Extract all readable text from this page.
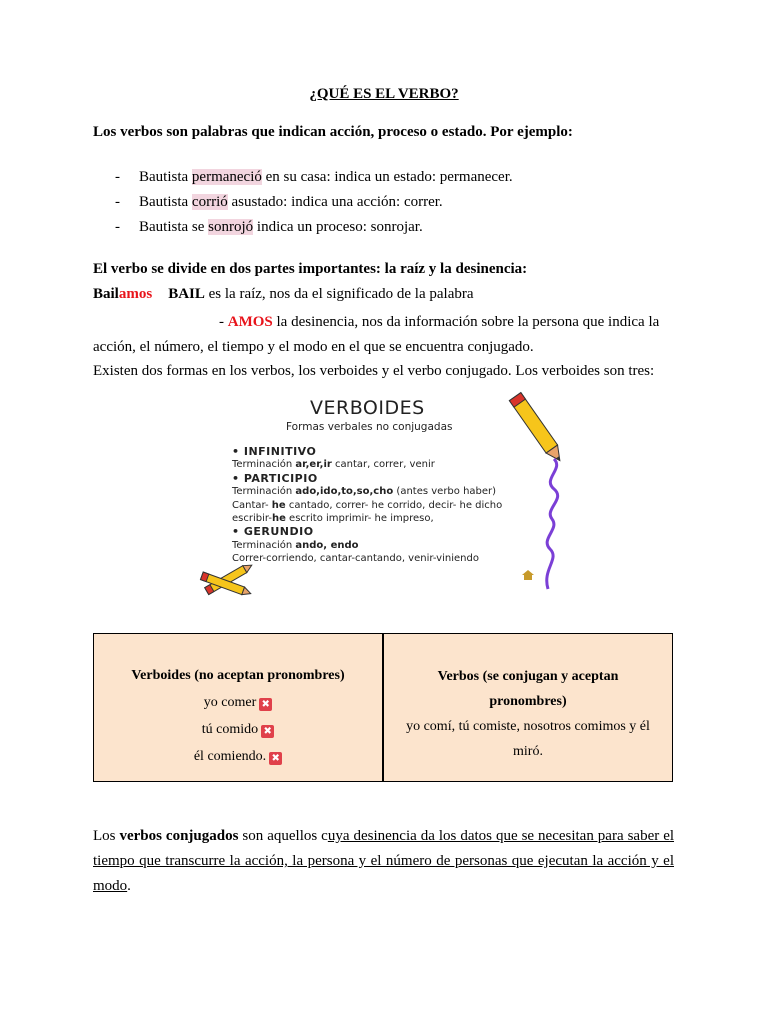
¿QUÉ ES EL VERBO?
Los verbos son palabras que indican acción, proceso o estado. Por ejemplo:
- Bautista permaneció en su casa: indica un estado: permanecer.
- Bautista corrió asustado: indica una acción: correr.
- Bautista se sonrojó indica un proceso: sonrojar.
El verbo se divide en dos partes importantes: la raíz y la desinencia:
Bailamos BAIL es la raíz, nos da el significado de la palabra
- AMOS la desinencia, nos da información sobre la persona que indica la
acción, el número, el tiempo y el modo en el que se encuentra conjugado.
Existen dos formas en los verbos, los verboides y el verbo conjugado. Los verboides son tres:
VERBOIDES
Formas verbales no conjugadas
• INFINITIVO
Terminación ar,er,ir cantar, correr, venir
• PARTICIPIO
Terminación ado,ido,to,so,cho (antes verbo haber)
Cantar- he cantado, correr- he corrido, decir- he dicho
escribir-he escrito imprimir- he impreso,
• GERUNDIO
Terminación ando, endo
Correr-corriendo, cantar-cantando, venir-viniendo
Verboides (no aceptan pronombres)
yo comer ✖
tú comido ✖
él comiendo. ✖
Verbos (se conjugan y aceptan
pronombres)
yo comí, tú comiste, nosotros comimos y él
miró.
Los verbos conjugados son aquellos cuya desinencia da los datos que se necesitan para saber el tiempo que transcurre la acción, la persona y el número de personas que ejecutan la acción y el modo.
